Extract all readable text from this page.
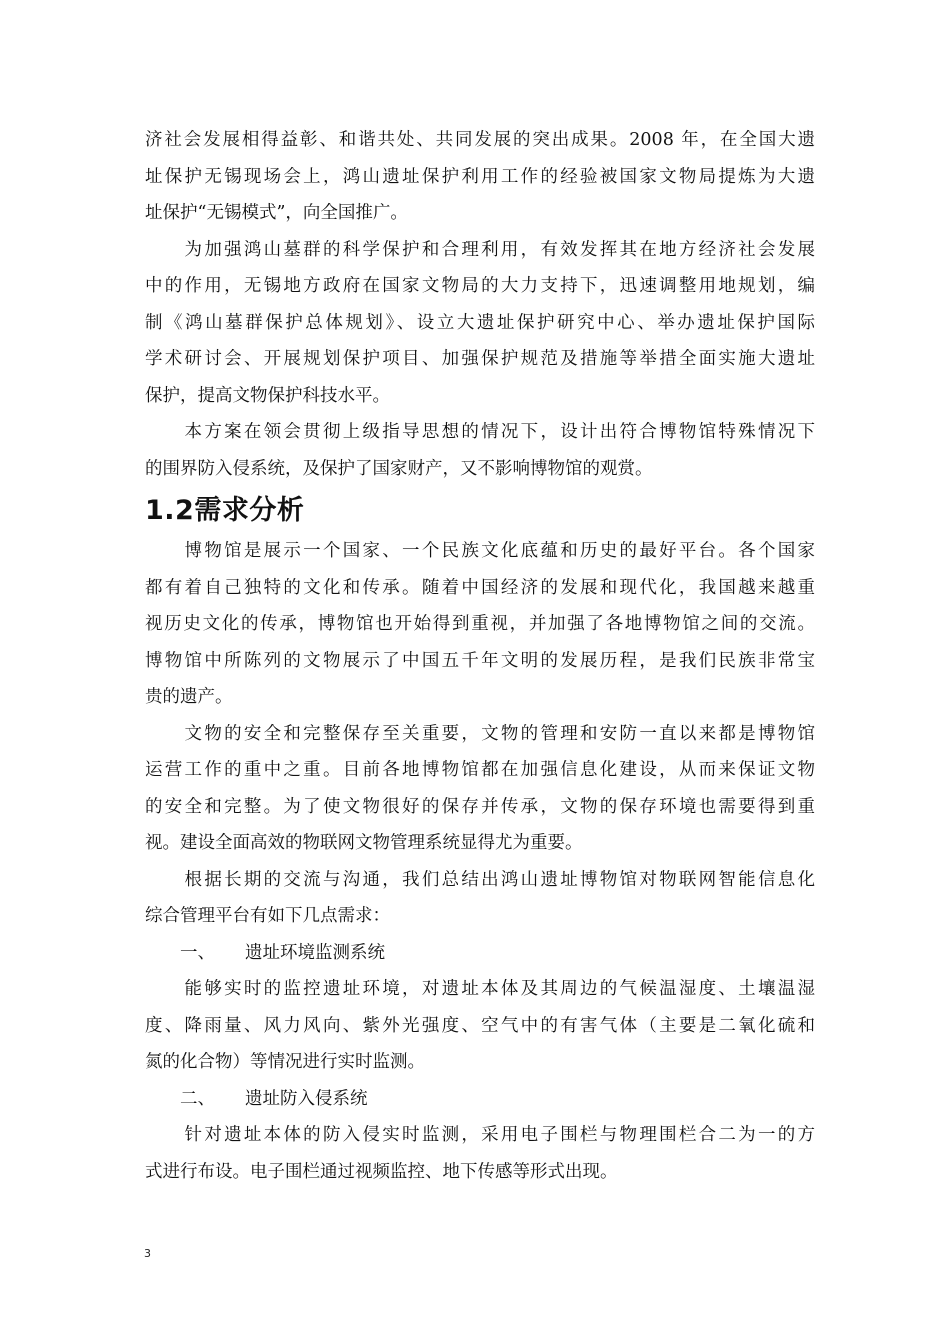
济社会发展相得益彰、和谐共处、共同发展的突出成果。2008 年，在全国大遗
址保护无锡现场会上，鸿山遗址保护利用工作的经验被国家文物局提炼为大遗
址保护“无锡模式”，向全国推广。
　　为加强鸿山墓群的科学保护和合理利用，有效发挥其在地方经济社会发展
中的作用，无锡地方政府在国家文物局的大力支持下，迅速调整用地规划，编
制《鸿山墓群保护总体规划》、设立大遗址保护研究中心、举办遗址保护国际
学术研讨会、开展规划保护项目、加强保护规范及措施等举措全面实施大遗址
保护，提高文物保护科技水平。
　　本方案在领会贯彻上级指导思想的情况下，设计出符合博物馆特殊情况下
的围界防入侵系统，及保护了国家财产，又不影响博物馆的观赏。
1.2需求分析
　　博物馆是展示一个国家、一个民族文化底蕴和历史的最好平台。各个国家
都有着自己独特的文化和传承。随着中国经济的发展和现代化，我国越来越重
视历史文化的传承，博物馆也开始得到重视，并加强了各地博物馆之间的交流。
博物馆中所陈列的文物展示了中国五千年文明的发展历程，是我们民族非常宝
贵的遗产。
　　文物的安全和完整保存至关重要，文物的管理和安防一直以来都是博物馆
运营工作的重中之重。目前各地博物馆都在加强信息化建设，从而来保证文物
的安全和完整。为了使文物很好的保存并传承，文物的保存环境也需要得到重
视。建设全面高效的物联网文物管理系统显得尤为重要。
　　根据长期的交流与沟通，我们总结出鸿山遗址博物馆对物联网智能信息化
综合管理平台有如下几点需求：
一、 遗址环境监测系统
　　能够实时的监控遗址环境，对遗址本体及其周边的气候温湿度、土壤温湿
度、降雨量、风力风向、紫外光强度、空气中的有害气体（主要是二氧化硫和
氮的化合物）等情况进行实时监测。
二、 遗址防入侵系统
　　针对遗址本体的防入侵实时监测，采用电子围栏与物理围栏合二为一的方
式进行布设。电子围栏通过视频监控、地下传感等形式出现。
3
